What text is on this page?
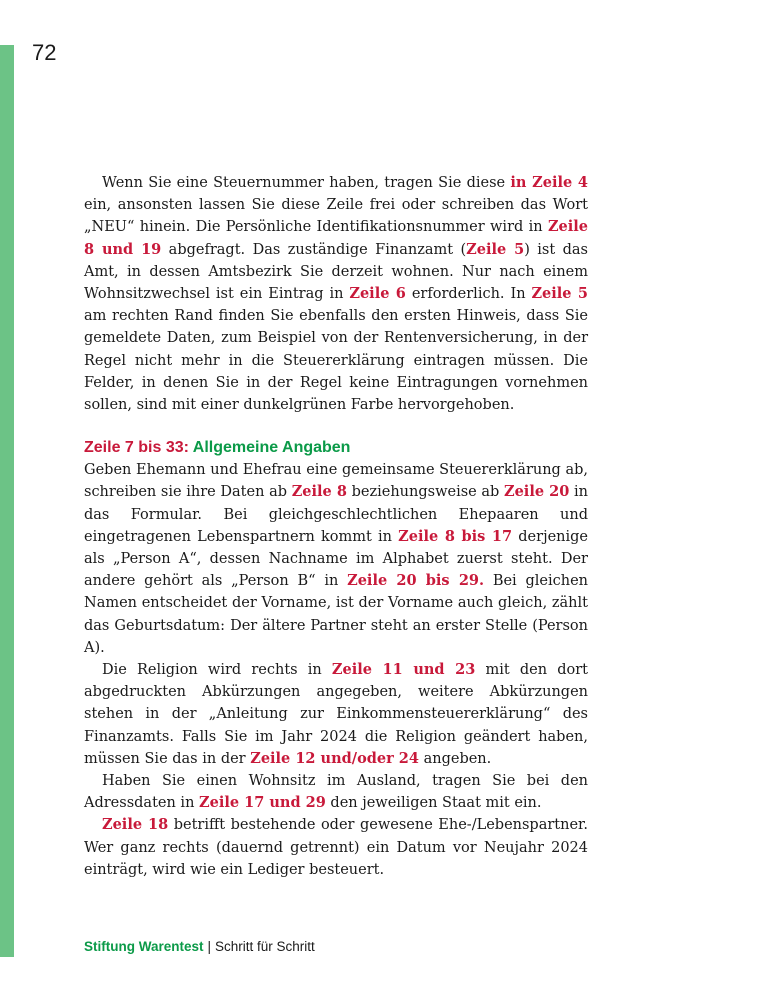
72

Wenn Sie eine Steuernummer haben, tragen Sie diese in Zeile 4 ein, ansonsten lassen Sie diese Zeile frei oder schreiben das Wort „NEU“ hinein. Die Persönliche Identifikationsnummer wird in Zeile 8 und 19 abgefragt. Das zuständige Finanzamt (Zeile 5) ist das Amt, in dessen Amtsbezirk Sie derzeit wohnen. Nur nach einem Wohnsitzwechsel ist ein Eintrag in Zeile 6 erforderlich. In Zeile 5 am rechten Rand finden Sie ebenfalls den ersten Hinweis, dass Sie gemeldete Daten, zum Beispiel von der Rentenversicherung, in der Regel nicht mehr in die Steuererklärung eintragen müssen. Die Felder, in denen Sie in der Regel keine Eintragungen vornehmen sollen, sind mit einer dunkelgrünen Farbe hervorgehoben.

Zeile 7 bis 33: Allgemeine Angaben

Geben Ehemann und Ehefrau eine gemeinsame Steuererklärung ab, schreiben sie ihre Daten ab Zeile 8 beziehungsweise ab Zeile 20 in das Formular. Bei gleichgeschlechtlichen Ehepaaren und eingetragenen Lebenspartnern kommt in Zeile 8 bis 17 derjenige als „Person A“, dessen Nachname im Alphabet zuerst steht. Der andere gehört als „Person B“ in Zeile 20 bis 29. Bei gleichen Namen entscheidet der Vorname, ist der Vorname auch gleich, zählt das Geburtsdatum: Der ältere Partner steht an erster Stelle (Person A).

Die Religion wird rechts in Zeile 11 und 23 mit den dort abgedruckten Abkürzungen angegeben, weitere Abkürzungen stehen in der „Anleitung zur Einkommensteuererklärung“ des Finanzamts. Falls Sie im Jahr 2024 die Religion geändert haben, müssen Sie das in der Zeile 12 und/oder 24 angeben.

Haben Sie einen Wohnsitz im Ausland, tragen Sie bei den Adressdaten in Zeile 17 und 29 den jeweiligen Staat mit ein.

Zeile 18 betrifft bestehende oder gewesene Ehe-/Lebenspartner. Wer ganz rechts (dauernd getrennt) ein Datum vor Neujahr 2024 einträgt, wird wie ein Lediger besteuert.

Stiftung Warentest | Schritt für Schritt
